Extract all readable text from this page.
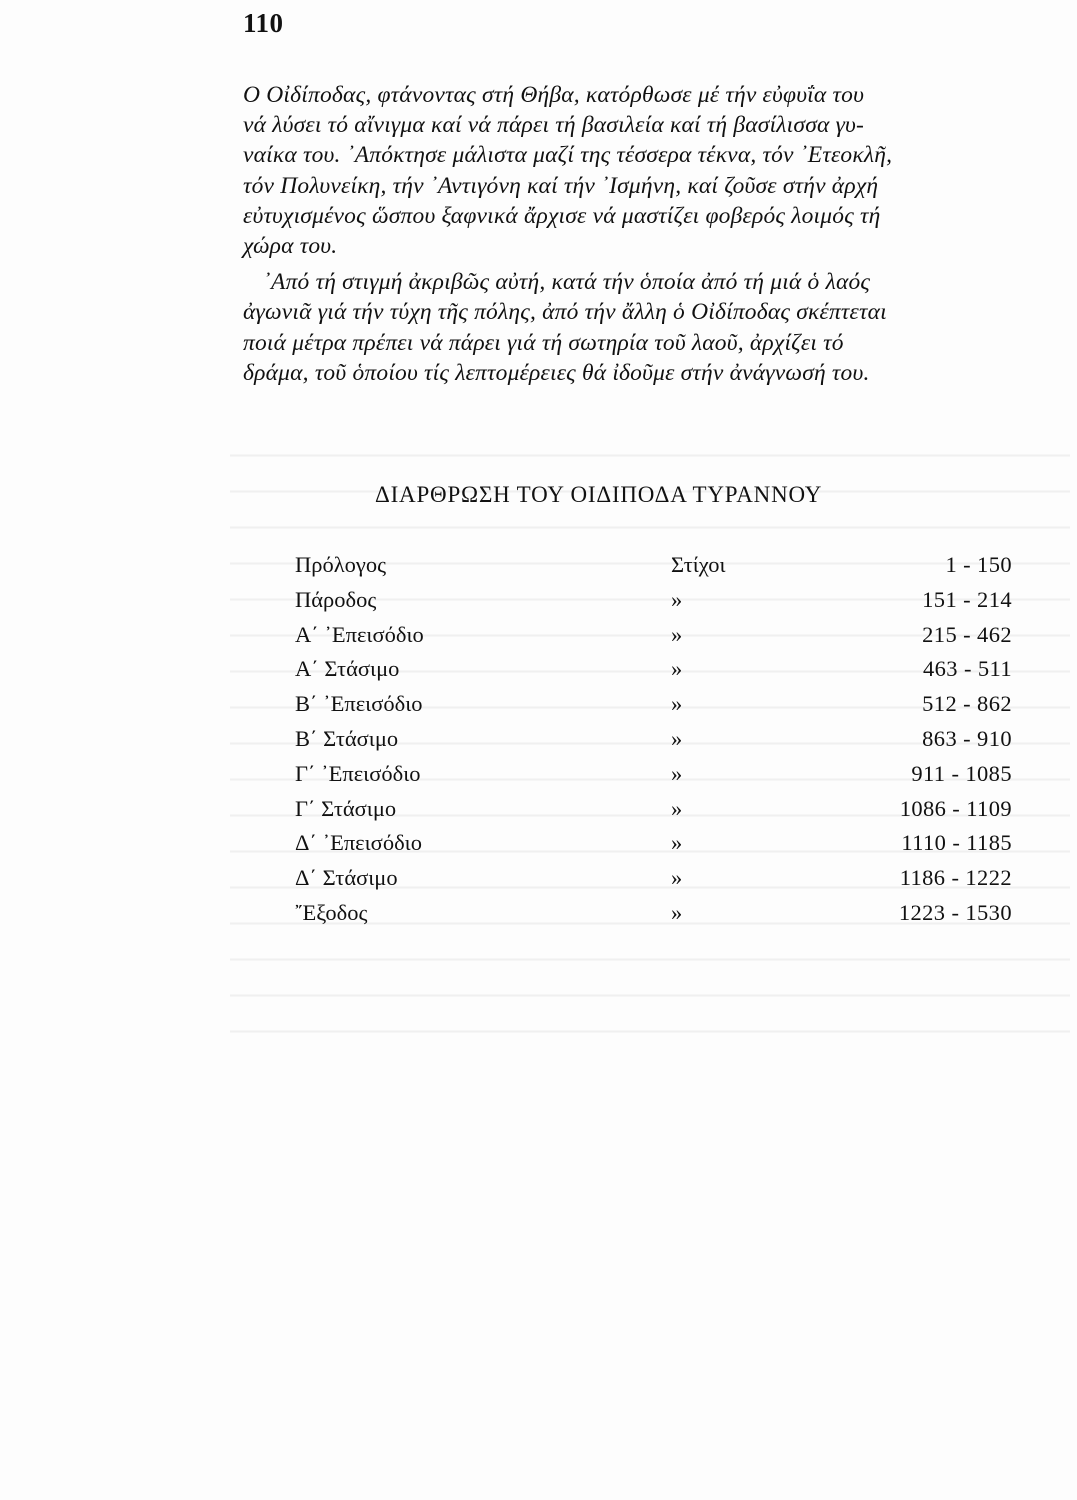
110
Ο Οἰδίποδας, φτάνοντας στή Θήβα, κατόρθωσε μέ τήν εὐφυΐα του
νά λύσει τό αἴνιγμα καί νά πάρει τή βασιλεία καί τή βασίλισσα γυ-
ναίκα του. ᾿Απόκτησε μάλιστα μαζί της τέσσερα τέκνα, τόν ᾿Ετεοκλῆ,
τόν Πολυνείκη, τήν ᾿Αντιγόνη καί τήν ᾿Ισμήνη, καί ζοῦσε στήν ἀρχή
εὐτυχισμένος ὥσπου ξαφνικά ἄρχισε νά μαστίζει φοβερός λοιμός τή
χώρα του.
᾿Από τή στιγμή ἀκριβῶς αὐτή, κατά τήν ὁποία ἀπό τή μιά ὁ λαός
ἀγωνιᾶ γιά τήν τύχη τῆς πόλης, ἀπό τήν ἄλλη ὁ Οἰδίποδας σκέπτεται
ποιά μέτρα πρέπει νά πάρει γιά τή σωτηρία τοῦ λαοῦ, ἀρχίζει τό
δράμα, τοῦ ὁποίου τίς λεπτομέρειες θά ἰδοῦμε στήν ἀνάγνωσή του.
ΔΙΑΡΘΡΩΣΗ ΤΟΥ ΟΙΔΙΠΟΔΑ ΤΥΡΑΝΝΟΥ
Πρόλογος	Στίχοι	1 - 150
Πάροδος	»	151 - 214
Α΄ ᾿Επεισόδιο	»	215 - 462
Α΄ Στάσιμο	»	463 - 511
Β΄ ᾿Επεισόδιο	»	512 - 862
Β΄ Στάσιμο	»	863 - 910
Γ΄ ᾿Επεισόδιο	»	911 - 1085
Γ΄ Στάσιμο	»	1086 - 1109
Δ΄ ᾿Επεισόδιο	»	1110 - 1185
Δ΄ Στάσιμο	»	1186 - 1222
῎Εξοδος	»	1223 - 1530
